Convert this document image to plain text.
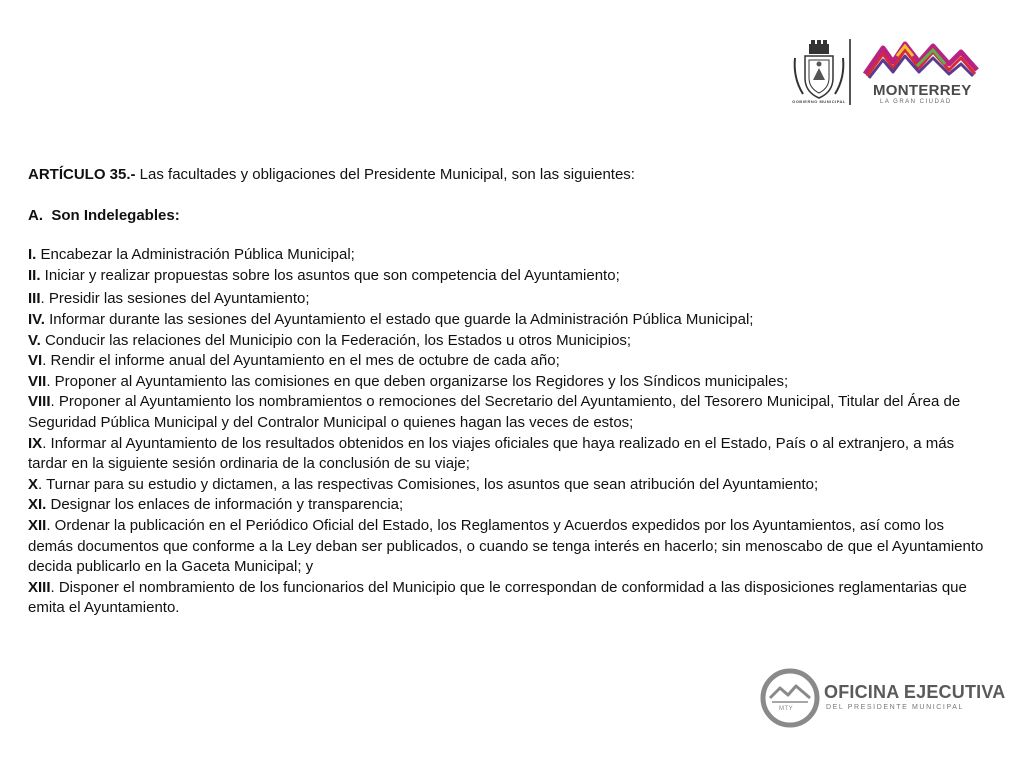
GOBIERNO MUNICIPAL
MONTERREY
LA GRAN CIUDAD

ARTÍCULO 35.- Las facultades y obligaciones del Presidente Municipal, son las siguientes:

A.  Son Indelegables:

I. Encabezar la Administración Pública Municipal;

II. Iniciar y realizar propuestas sobre los asuntos que son competencia del Ayuntamiento;

III. Presidir las sesiones del Ayuntamiento;

IV. Informar durante las sesiones del Ayuntamiento el estado que guarde la Administración Pública Municipal;

V. Conducir las relaciones del Municipio con la Federación, los Estados u otros Municipios;

VI. Rendir el informe anual del Ayuntamiento en el mes de octubre de cada año;

VII. Proponer al Ayuntamiento las comisiones en que deben organizarse los Regidores y los Síndicos municipales;

VIII. Proponer al Ayuntamiento los nombramientos o remociones del Secretario del Ayuntamiento, del Tesorero Municipal, Titular del Área de Seguridad Pública Municipal y del Contralor Municipal o quienes hagan las veces de estos;

IX. Informar al Ayuntamiento de los resultados obtenidos en los viajes oficiales que haya realizado en el Estado, País o al extranjero, a más tardar en la siguiente sesión ordinaria de la conclusión de su viaje;

X. Turnar para su estudio y dictamen, a las respectivas Comisiones, los asuntos que sean atribución del Ayuntamiento;

XI. Designar los enlaces de información y transparencia;

XII. Ordenar la publicación en el Periódico Oficial del Estado, los Reglamentos y Acuerdos expedidos por los Ayuntamientos, así como los demás documentos que conforme a la Ley deban ser publicados, o cuando se tenga interés en hacerlo; sin menoscabo de que el Ayuntamiento decida publicarlo en la Gaceta Municipal; y

XIII. Disponer el nombramiento de los funcionarios del Municipio que le correspondan de conformidad a las disposiciones reglamentarias que emita el Ayuntamiento.

MTY
OFICINA EJECUTIVA
DEL PRESIDENTE MUNICIPAL
